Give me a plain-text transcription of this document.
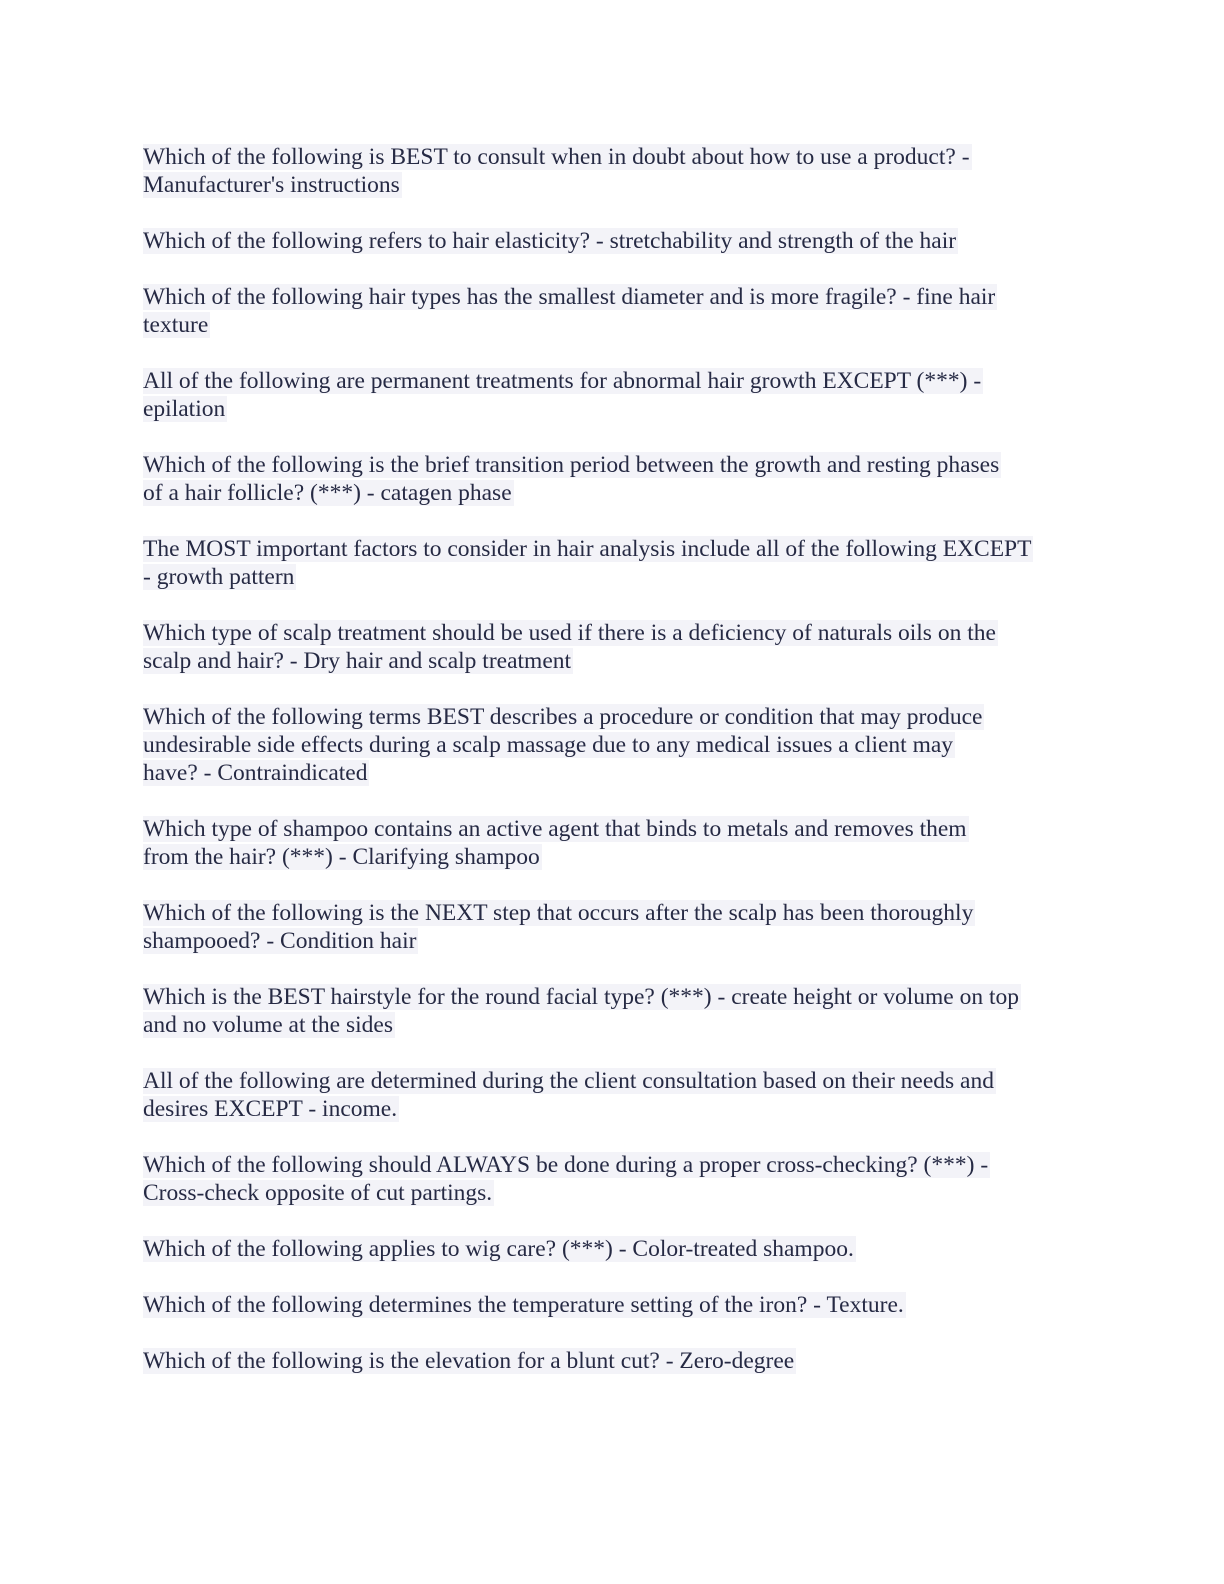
Which of the following is BEST to consult when in doubt about how to use a product? -
Manufacturer's instructions
Which of the following refers to hair elasticity? - stretchability and strength of the hair
Which of the following hair types has the smallest diameter and is more fragile? - fine hair
texture
All of the following are permanent treatments for abnormal hair growth EXCEPT (***) -
epilation
Which of the following is the brief transition period between the growth and resting phases
of a hair follicle? (***) - catagen phase
The MOST important factors to consider in hair analysis include all of the following EXCEPT
- growth pattern
Which type of scalp treatment should be used if there is a deficiency of naturals oils on the
scalp and hair? - Dry hair and scalp treatment
Which of the following terms BEST describes a procedure or condition that may produce
undesirable side effects during a scalp massage due to any medical issues a client may
have? - Contraindicated
Which type of shampoo contains an active agent that binds to metals and removes them
from the hair? (***) - Clarifying shampoo
Which of the following is the NEXT step that occurs after the scalp has been thoroughly
shampooed? - Condition hair
Which is the BEST hairstyle for the round facial type? (***) - create height or volume on top
and no volume at the sides
All of the following are determined during the client consultation based on their needs and
desires EXCEPT - income.
Which of the following should ALWAYS be done during a proper cross-checking? (***) -
Cross-check opposite of cut partings.
Which of the following applies to wig care? (***) - Color-treated shampoo.
Which of the following determines the temperature setting of the iron? - Texture.
Which of the following is the elevation for a blunt cut? - Zero-degree
